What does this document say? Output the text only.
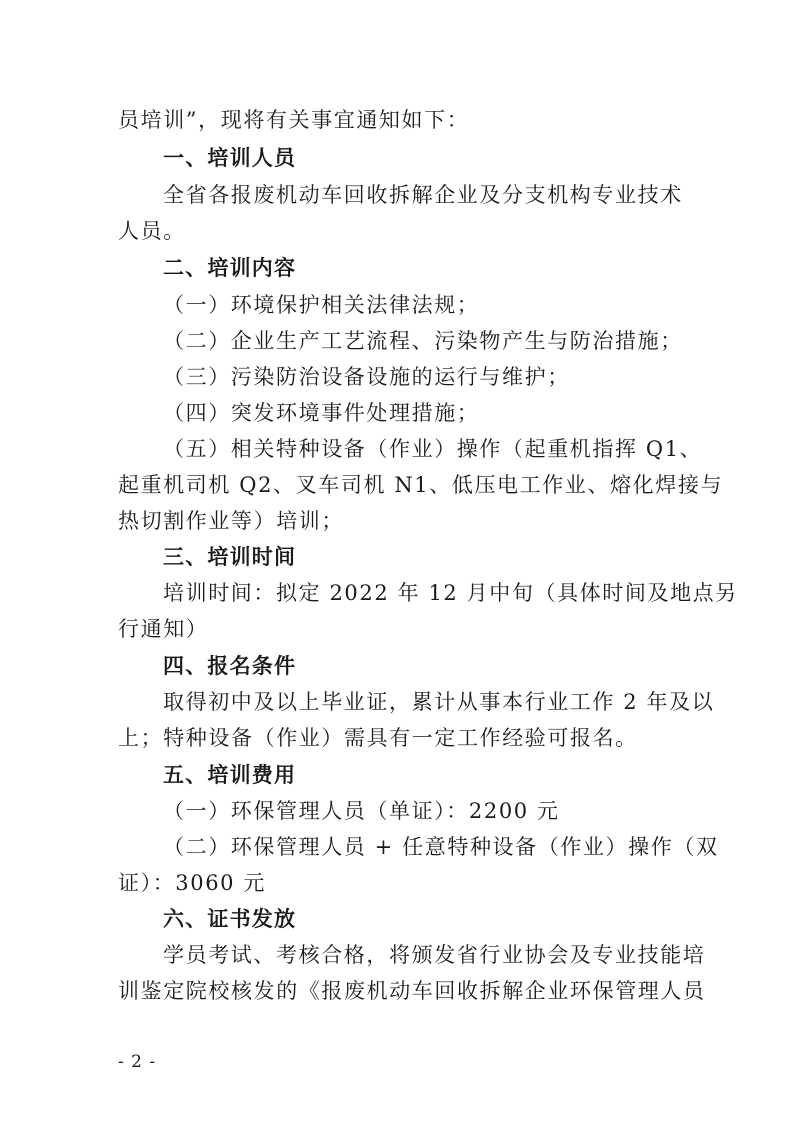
员培训”，现将有关事宜通知如下：
一、培训人员
全省各报废机动车回收拆解企业及分支机构专业技术
人员。
二、培训内容
（一）环境保护相关法律法规；
（二）企业生产工艺流程、污染物产生与防治措施；
（三）污染防治设备设施的运行与维护；
（四）突发环境事件处理措施；
（五）相关特种设备（作业）操作（起重机指挥 Q1、
起重机司机 Q2、叉车司机 N1、低压电工作业、熔化焊接与
热切割作业等）培训；
三、培训时间
培训时间：拟定 2022 年 12 月中旬（具体时间及地点另
行通知）
四、报名条件
取得初中及以上毕业证，累计从事本行业工作 2 年及以
上；特种设备（作业）需具有一定工作经验可报名。
五、培训费用
（一）环保管理人员（单证）：2200 元
（二）环保管理人员 + 任意特种设备（作业）操作（双
证）：3060 元
六、证书发放
学员考试、考核合格，将颁发省行业协会及专业技能培
训鉴定院校核发的《报废机动车回收拆解企业环保管理人员
- 2 -
